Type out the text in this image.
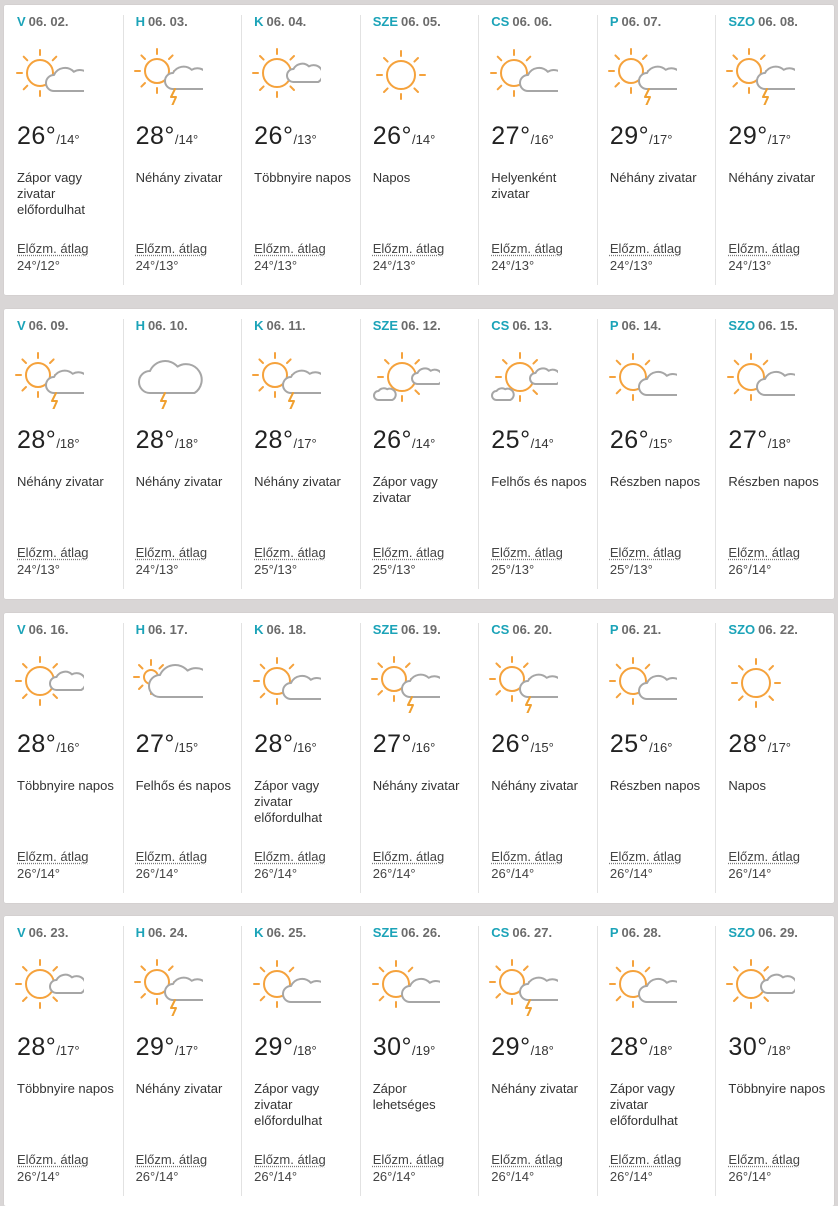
V 06. 02.
26°/14°
Zápor vagy zivatar előfordulhat
Előzm. átlag
24°/12°
H 06. 03.
28°/14°
Néhány zivatar
Előzm. átlag
24°/13°
K 06. 04.
26°/13°
Többnyire napos
Előzm. átlag
24°/13°
SZE 06. 05.
26°/14°
Napos
Előzm. átlag
24°/13°
CS 06. 06.
27°/16°
Helyenként zivatar
Előzm. átlag
24°/13°
P 06. 07.
29°/17°
Néhány zivatar
Előzm. átlag
24°/13°
SZO 06. 08.
29°/17°
Néhány zivatar
Előzm. átlag
24°/13°
V 06. 09.
28°/18°
Néhány zivatar
Előzm. átlag
24°/13°
H 06. 10.
28°/18°
Néhány zivatar
Előzm. átlag
24°/13°
K 06. 11.
28°/17°
Néhány zivatar
Előzm. átlag
25°/13°
SZE 06. 12.
26°/14°
Zápor vagy zivatar
Előzm. átlag
25°/13°
CS 06. 13.
25°/14°
Felhős és napos
Előzm. átlag
25°/13°
P 06. 14.
26°/15°
Részben napos
Előzm. átlag
25°/13°
SZO 06. 15.
27°/18°
Részben napos
Előzm. átlag
26°/14°
V 06. 16.
28°/16°
Többnyire napos
Előzm. átlag
26°/14°
H 06. 17.
27°/15°
Felhős és napos
Előzm. átlag
26°/14°
K 06. 18.
28°/16°
Zápor vagy zivatar előfordulhat
Előzm. átlag
26°/14°
SZE 06. 19.
27°/16°
Néhány zivatar
Előzm. átlag
26°/14°
CS 06. 20.
26°/15°
Néhány zivatar
Előzm. átlag
26°/14°
P 06. 21.
25°/16°
Részben napos
Előzm. átlag
26°/14°
SZO 06. 22.
28°/17°
Napos
Előzm. átlag
26°/14°
V 06. 23.
28°/17°
Többnyire napos
Előzm. átlag
26°/14°
H 06. 24.
29°/17°
Néhány zivatar
Előzm. átlag
26°/14°
K 06. 25.
29°/18°
Zápor vagy zivatar előfordulhat
Előzm. átlag
26°/14°
SZE 06. 26.
30°/19°
Zápor lehetséges
Előzm. átlag
26°/14°
CS 06. 27.
29°/18°
Néhány zivatar
Előzm. átlag
26°/14°
P 06. 28.
28°/18°
Zápor vagy zivatar előfordulhat
Előzm. átlag
26°/14°
SZO 06. 29.
30°/18°
Többnyire napos
Előzm. átlag
26°/14°
